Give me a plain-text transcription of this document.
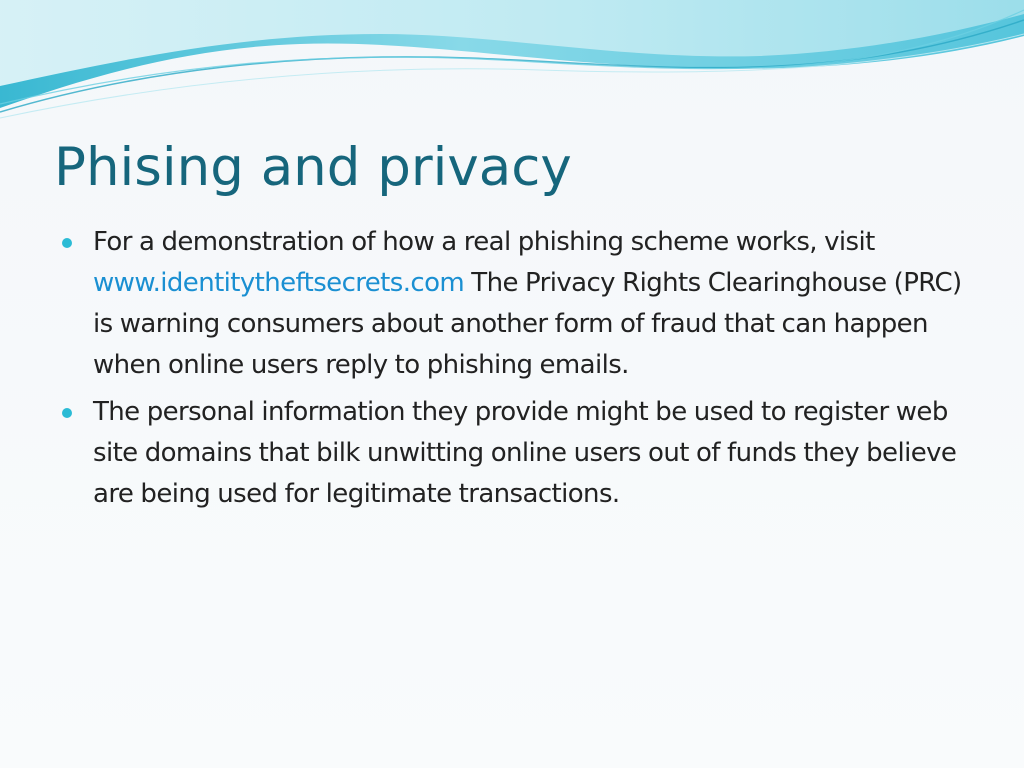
Phising and privacy
For a demonstration of how a real phishing scheme works, visit www.identitytheftsecrets.com The Privacy Rights Clearinghouse (PRC) is warning consumers about another form of fraud that can happen when online users reply to phishing emails.
The personal information they provide might be used to register web site domains that bilk unwitting online users out of funds they believe are being used for legitimate transactions.
